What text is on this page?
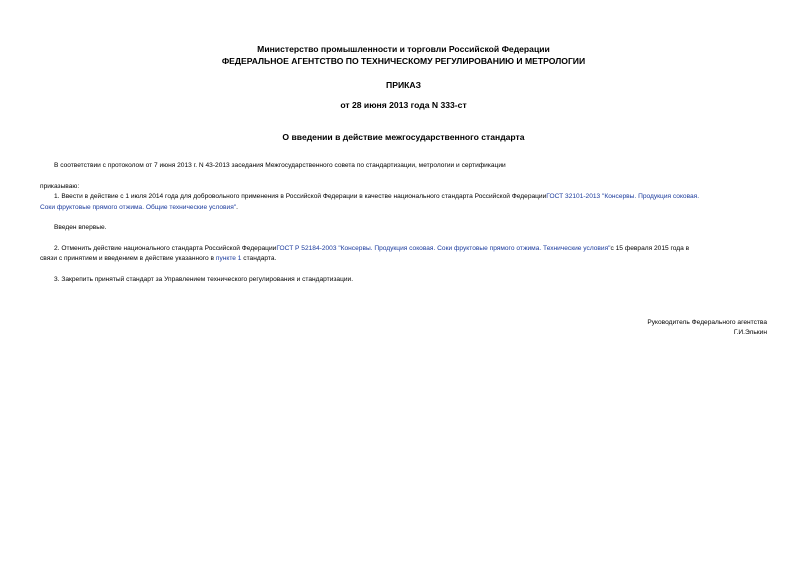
Министерство промышленности и торговли Российской Федерации
ФЕДЕРАЛЬНОЕ АГЕНТСТВО ПО ТЕХНИЧЕСКОМУ РЕГУЛИРОВАНИЮ И МЕТРОЛОГИИ
ПРИКАЗ
от 28 июня 2013 года N 333-ст
О введении в действие межгосударственного стандарта
В соответствии с протоколом от 7 июня 2013 г. N 43-2013 заседания Межгосударственного совета по стандартизации, метрологии и сертификации
приказываю:
1. Ввести в действие с 1 июля 2014 года для добровольного применения в Российской Федерации в качестве национального стандарта Российской ФедерацииГОСТ 32101-2013 "Консервы. Продукция соковая.
Соки фруктовые прямого отжима. Общие технические условия".
Введен впервые.
2. Отменить действие национального стандарта Российской ФедерацииГОСТ Р 52184-2003 "Консервы. Продукция соковая. Соки фруктовые прямого отжима. Технические условия"с 15 февраля 2015 года в
связи с принятием и введением в действие указанного в пункте 1 стандарта.
3. Закрепить принятый стандарт за Управлением технического регулирования и стандартизации.
Руководитель Федерального агентства
Г.И.Элькин
